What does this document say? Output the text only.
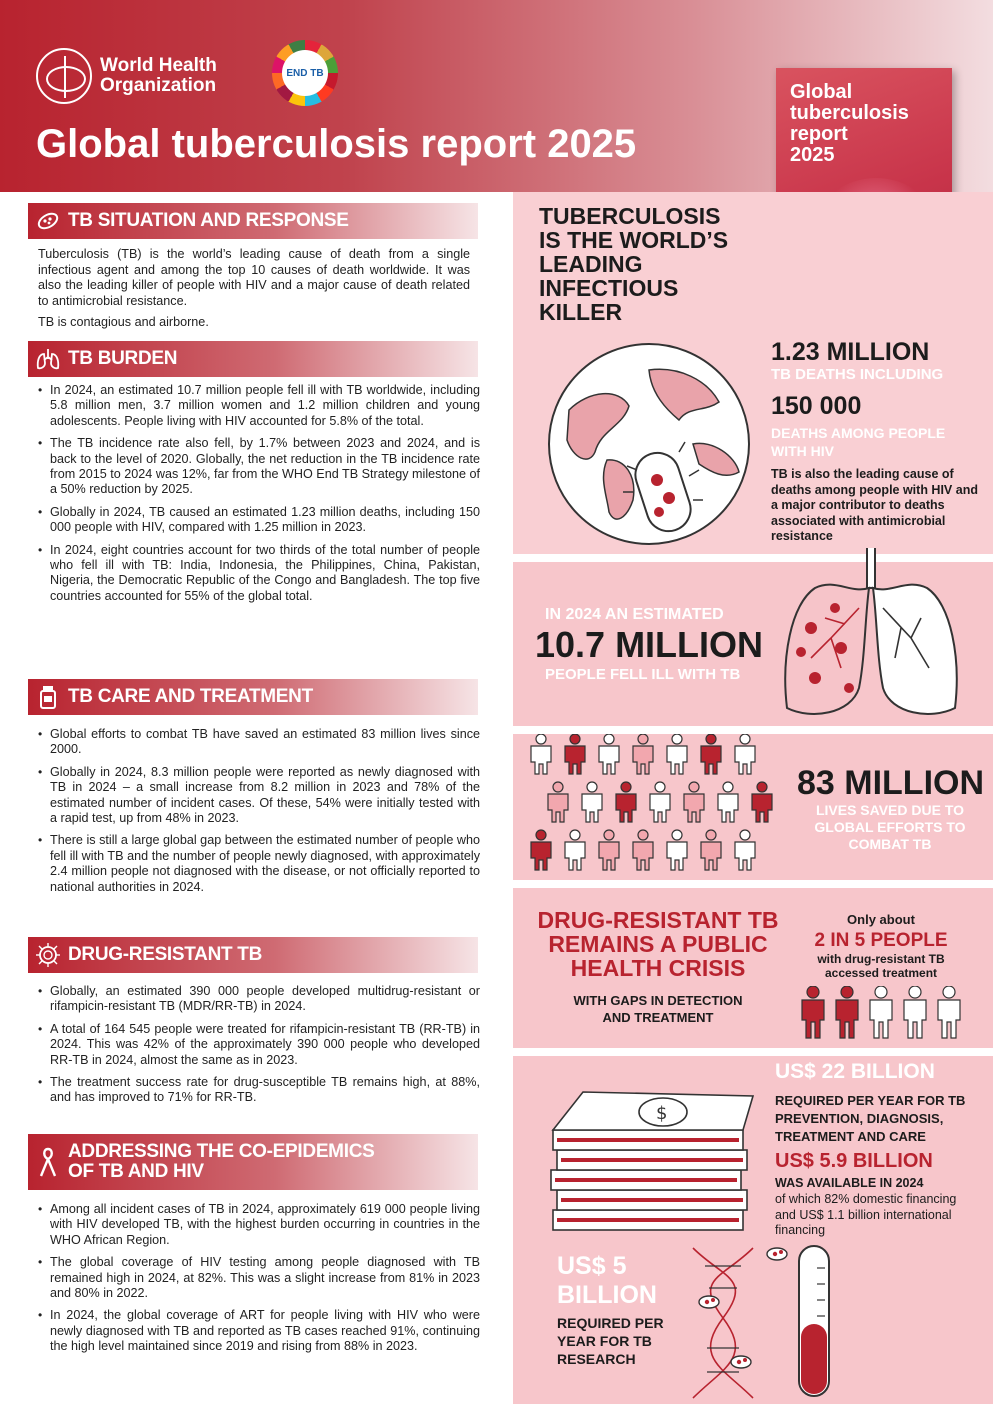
World Health
Organization
END TB
Global tuberculosis report 2025
Global
tuberculosis
report
2025
TB SITUATION AND RESPONSE

Tuberculosis (TB) is the world’s leading cause of death from a single infectious agent and among the top 10 causes of death worldwide. It was also the leading killer of people with HIV and a major cause of death related to antimicrobial resistance.

TB is contagious and airborne.

TB BURDEN
• In 2024, an estimated 10.7 million people fell ill with TB worldwide, including 5.8 million men, 3.7 million women and 1.2 million children and young adolescents. People living with HIV accounted for 5.8% of the total.
• The TB incidence rate also fell, by 1.7% between 2023 and 2024, and is back to the level of 2020. Globally, the net reduction in the TB incidence rate from 2015 to 2024 was 12%, far from the WHO End TB Strategy milestone of a 50% reduction by 2025.
• Globally in 2024, TB caused an estimated 1.23 million deaths, including 150 000 people with HIV, compared with 1.25 million in 2023.
• In 2024, eight countries account for two thirds of the total number of people who fell ill with TB: India, Indonesia, the Philippines, China, Pakistan, Nigeria, the Democratic Republic of the Congo and Bangladesh. The top five countries accounted for 55% of the global total.
TB CARE AND TREATMENT
• Global efforts to combat TB have saved an estimated 83 million lives since 2000.
• Globally in 2024, 8.3 million people were reported as newly diagnosed with TB in 2024 – a small increase from 8.2 million in 2023 and 78% of the estimated number of incident cases. Of these, 54% were initially tested with a rapid test, up from 48% in 2023.
• There is still a large global gap between the estimated number of people who fell ill with TB and the number of people newly diagnosed, with approximately 2.4 million people not diagnosed with the disease, or not officially reported to national authorities in 2024.
DRUG-RESISTANT TB
• Globally, an estimated 390 000 people developed multidrug-resistant or rifampicin-resistant TB (MDR/RR-TB) in 2024.
• A total of 164 545 people were treated for rifampicin-resistant TB (RR-TB) in 2024. This was 42% of the approximately 390 000 people who developed RR-TB in 2024, almost the same as in 2023.
• The treatment success rate for drug-susceptible TB remains high, at 88%, and has improved to 71% for RR-TB.
ADDRESSING THE CO-EPIDEMICS
OF TB AND HIV
• Among all incident cases of TB in 2024, approximately 619 000 people living with HIV developed TB, with the highest burden occurring in countries in the WHO African Region.
• The global coverage of HIV testing among people diagnosed with TB remained high in 2024, at 82%. This was a slight increase from 81% in 2023 and 80% in 2022.
• In 2024, the global coverage of ART for people living with HIV who were newly diagnosed with TB and reported as TB cases reached 91%, continuing the high level maintained since 2019 and rising from 88% in 2023.
TUBERCULOSIS
IS THE WORLD’S
LEADING
INFECTIOUS
KILLER
1.23 MILLION
TB DEATHS INCLUDING
150 000
DEATHS AMONG PEOPLE
WITH HIV
TB is also the leading cause of deaths among people with HIV and a major contributor to deaths associated with antimicrobial resistance
IN 2024 AN ESTIMATED
10.7 MILLION
PEOPLE FELL ILL WITH TB
83 MILLION
LIVES SAVED DUE TO
GLOBAL EFFORTS TO
COMBAT TB
DRUG-RESISTANT TB
REMAINS A PUBLIC
HEALTH CRISIS
WITH GAPS IN DETECTION
AND TREATMENT
Only about
2 IN 5 PEOPLE
with drug-resistant TB
accessed treatment
$
US$ 22 BILLION
REQUIRED PER YEAR FOR TB
PREVENTION, DIAGNOSIS,
TREATMENT AND CARE
US$ 5.9 BILLION
WAS AVAILABLE IN 2024
of which 82% domestic financing and US$ 1.1 billion international financing
US$ 5
BILLION
REQUIRED PER
YEAR FOR TB
RESEARCH
